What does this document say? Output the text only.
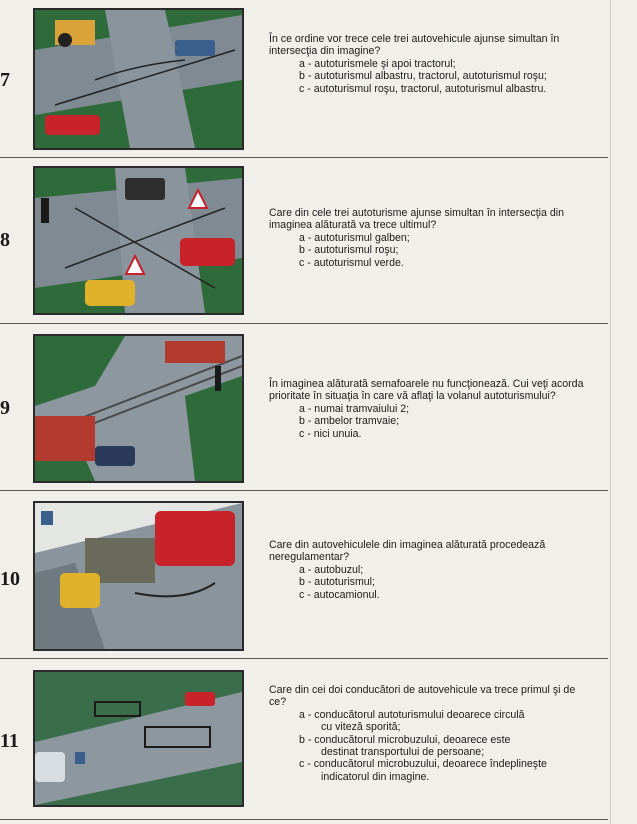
7

În ce ordine vor trece cele trei autovehicule ajunse simultan în intersecţia din imagine?

a - autoturismele şi apoi tractorul;

b - autoturismul albastru, tractorul, autoturismul roşu;

c - autoturismul roşu, tractorul, autoturismul albastru.

8

Care din cele trei autoturisme ajunse simultan în intersecţia din imaginea alăturată va trece ultimul?

a - autoturismul galben;

b - autoturismul roşu;

c - autoturismul verde.

9

În imaginea alăturată semafoarele nu funcţionează. Cui veţi acorda prioritate în situaţia în care vă aflaţi la volanul autoturismului?

a - numai tramvaiului 2;

b - ambelor tramvaie;

c - nici unuia.

10

Care din autovehiculele din imaginea alăturată procedează neregulamentar?

a - autobuzul;

b - autoturismul;

c - autocamionul.

11

Care din cei doi conducători de autovehicule va trece primul şi de ce?

a - conducătorul autoturismului deoarece circulă

cu viteză sporită;

b - conducătorul microbuzului, deoarece este

destinat transportului de persoane;

c - conducătorul microbuzului, deoarece îndeplineşte

indicatorul din imagine.
